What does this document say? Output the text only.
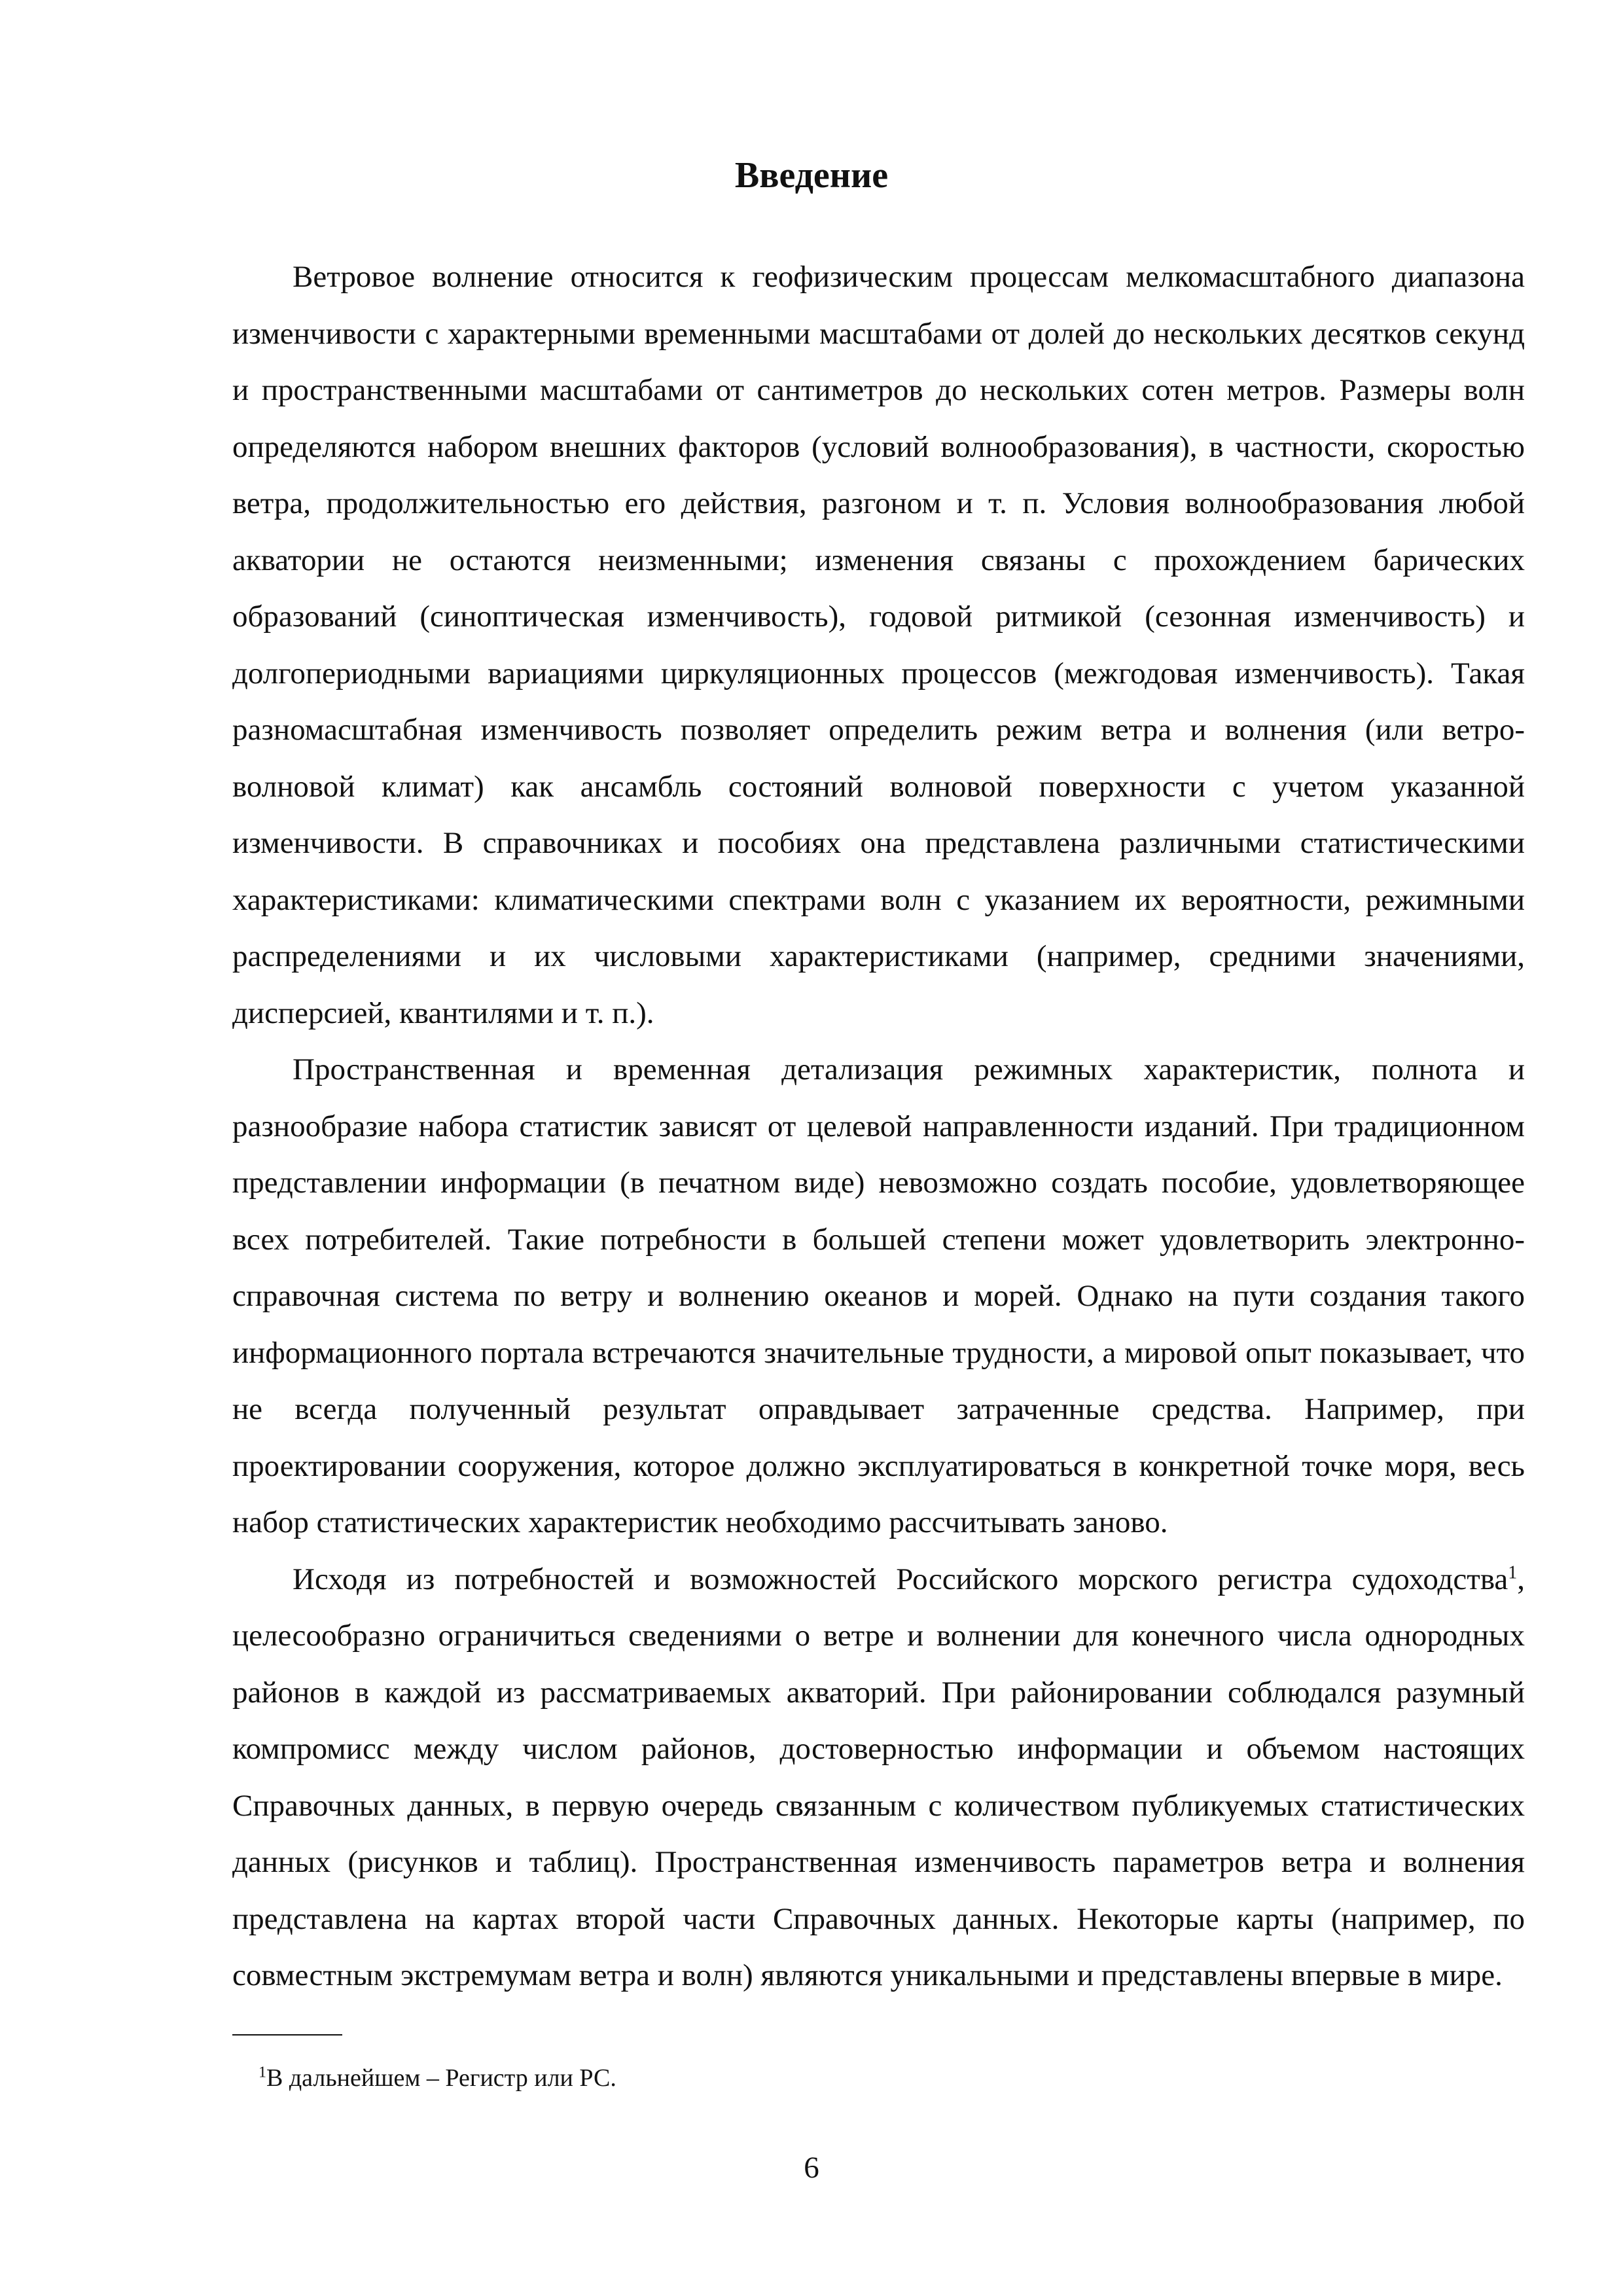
Введение

Ветровое волнение относится к геофизическим процессам мелкомасштабного диапазона изменчивости с характерными временными масштабами от долей до нескольких десятков секунд и пространственными масштабами от сантиметров до нескольких сотен метров. Размеры волн определяются набором внешних факторов (условий волнообразования), в частности, скоростью ветра, продолжительностью его действия, разгоном и т. п. Условия волнообразования любой акватории не остаются неизменными; изменения связаны с прохождением барических образований (синоптическая изменчивость), годовой ритмикой (сезонная изменчивость) и долгопериодными вариациями циркуляционных процессов (межгодовая изменчивость). Такая разномасштабная изменчивость позволяет определить режим ветра и волнения (или ветро-волновой климат) как ансамбль состояний волновой поверхности с учетом указанной изменчивости. В справочниках и пособиях она представлена различными статистическими характеристиками: климатическими спектрами волн с указанием их вероятности, режимными распределениями и их числовыми характеристиками (например, средними значениями, дисперсией, квантилями и т. п.).

Пространственная и временная детализация режимных характеристик, полнота и разнообразие набора статистик зависят от целевой направленности изданий. При традиционном представлении информации (в печатном виде) невозможно создать пособие, удовлетворяющее всех потребителей. Такие потребности в большей степени может удовлетворить электронно-справочная система по ветру и волнению океанов и морей. Однако на пути создания такого информационного портала встречаются значительные трудности, а мировой опыт показывает, что не всегда полученный результат оправдывает затраченные средства. Например, при проектировании сооружения, которое должно эксплуатироваться в конкретной точке моря, весь набор статистических характеристик необходимо рассчитывать заново.

Исходя из потребностей и возможностей Российского морского регистра судоходства$^1$, целесообразно ограничиться сведениями о ветре и волнении для конечного числа однородных районов в каждой из рассматриваемых акваторий. При районировании соблюдался разумный компромисс между числом районов, достоверностью информации и объемом настоящих Справочных данных, в первую очередь связанным с количеством публикуемых статистических данных (рисунков и таблиц). Пространственная изменчивость параметров ветра и волнения представлена на картах второй части Справочных данных. Некоторые карты (например, по совместным экстремумам ветра и волн) являются уникальными и представлены впервые в мире.

$^1$В дальнейшем – Регистр или РС.
6
